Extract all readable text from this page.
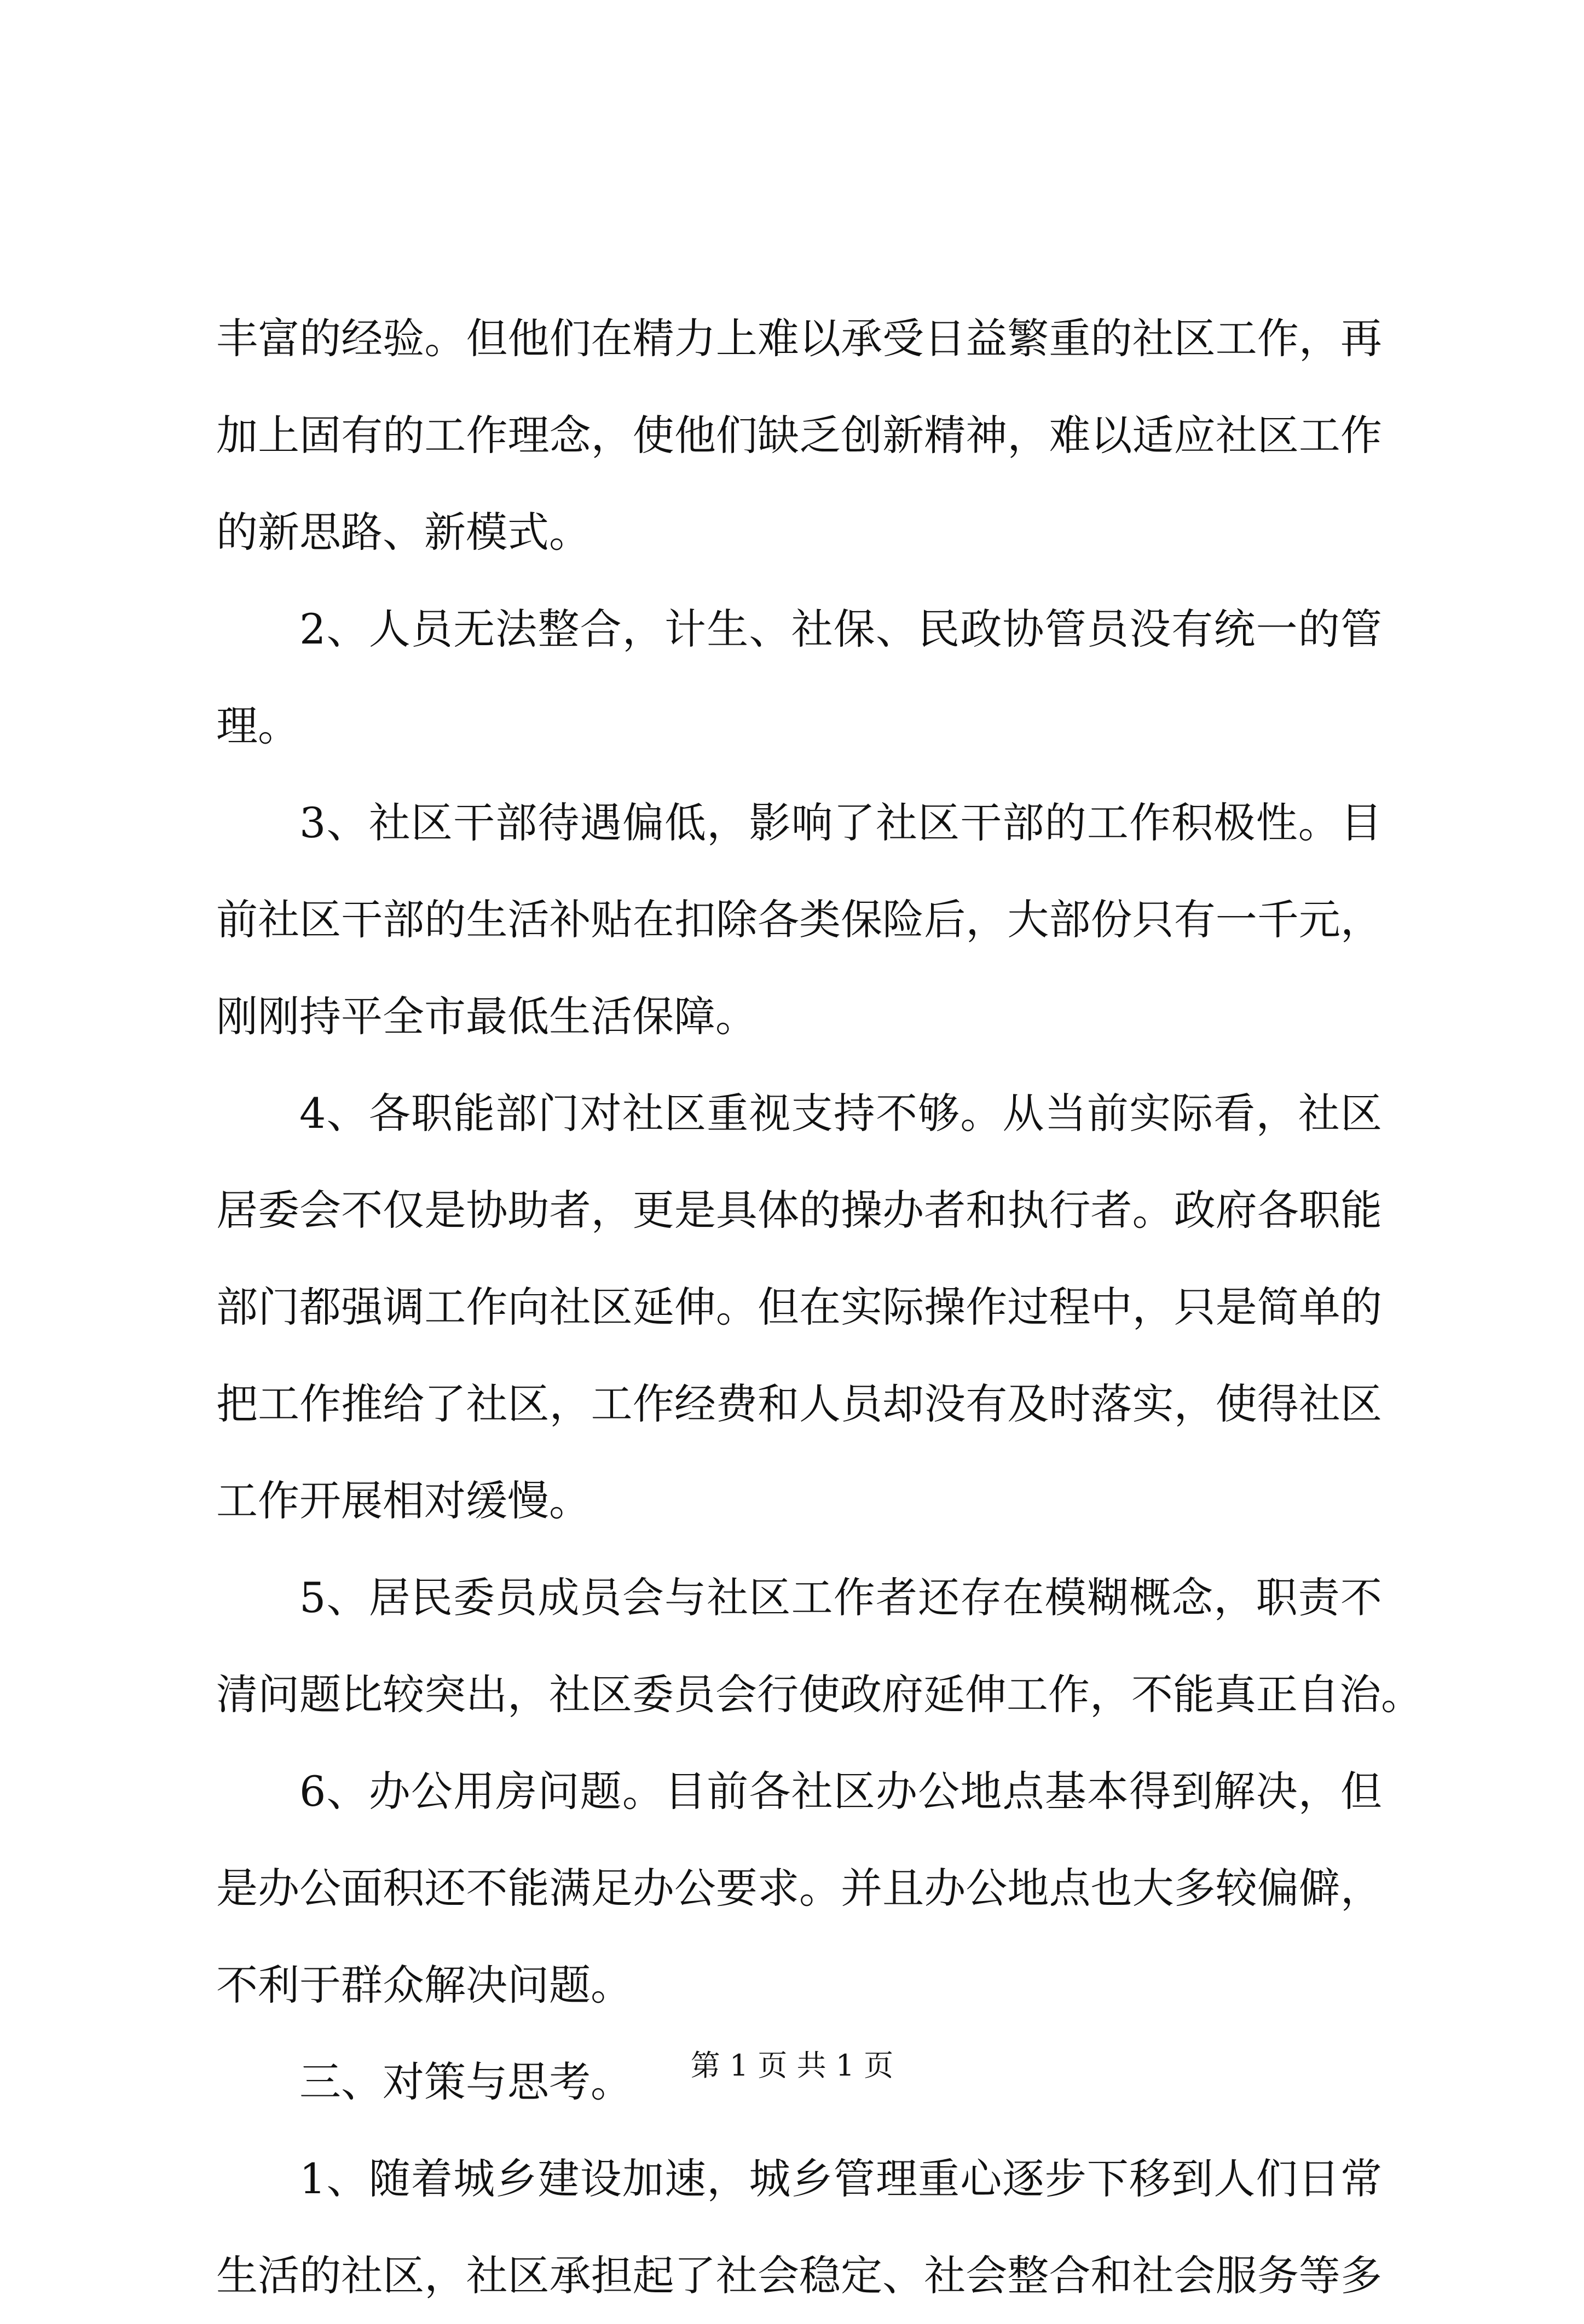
丰富的经验。但他们在精力上难以承受日益繁重的社区工作，再
加上固有的工作理念，使他们缺乏创新精神，难以适应社区工作
的新思路、新模式。
2、人员无法整合，计生、社保、民政协管员没有统一的管
理。
3、社区干部待遇偏低，影响了社区干部的工作积极性。目
前社区干部的生活补贴在扣除各类保险后，大部份只有一千元，
刚刚持平全市最低生活保障。
4、各职能部门对社区重视支持不够。从当前实际看，社区
居委会不仅是协助者，更是具体的操办者和执行者。政府各职能
部门都强调工作向社区延伸。但在实际操作过程中，只是简单的
把工作推给了社区，工作经费和人员却没有及时落实，使得社区
工作开展相对缓慢。
5、居民委员成员会与社区工作者还存在模糊概念，职责不
清问题比较突出，社区委员会行使政府延伸工作，不能真正自治。
6、办公用房问题。目前各社区办公地点基本得到解决，但
是办公面积还不能满足办公要求。并且办公地点也大多较偏僻，
不利于群众解决问题。
三、对策与思考。
1、随着城乡建设加速，城乡管理重心逐步下移到人们日常
生活的社区，社区承担起了社会稳定、社会整合和社会服务等多
第 1 页 共 1 页
